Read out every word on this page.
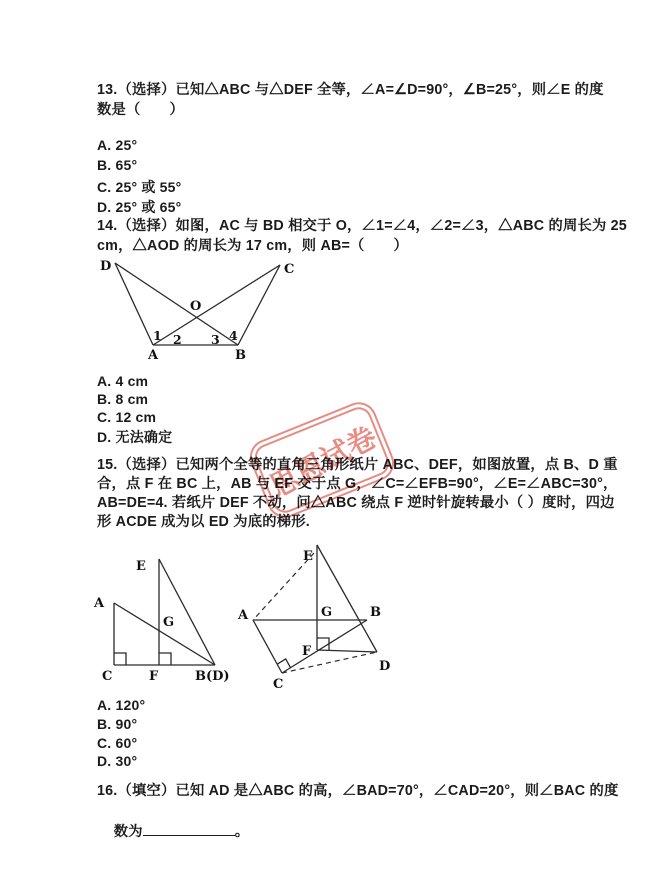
13.（选择）已知△ABC 与△DEF 全等，∠A=∠D=90°，∠B=25°，则∠E 的度
数是（　　）
A. 25°
B. 65°
C. 25° 或 55°
D. 25° 或 65°
14.（选择）如图，AC 与 BD 相交于 O，∠1=∠4，∠2=∠3，△ABC 的周长为 25
cm，△AOD 的周长为 17 cm，则 AB=（　　）
D	C
O
A	B
1 2 3 4
A. 4 cm
B. 8 cm
C. 12 cm
D. 无法确定
15.（选择）已知两个全等的直角三角形纸片 ABC、DEF，如图放置，点 B、D 重
合，点 F 在 BC 上，AB 与 EF 交于点 G，∠C=∠EFB=90°，∠E=∠ABC=30°，
AB=DE=4. 若纸片 DEF 不动，问△ABC 绕点 F 逆时针旋转最小（ ）度时，四边
形 ACDE 成为以 ED 为底的梯形.
E
A
G
C	F	B(D)
E
A	G	B
F
C
D
A. 120°
B. 90°
C. 60°
D. 30°
16.（填空）已知 AD 是△ABC 的高，∠BAD=70°，∠CAD=20°，则∠BAC 的度

数为	。

思恩试卷
